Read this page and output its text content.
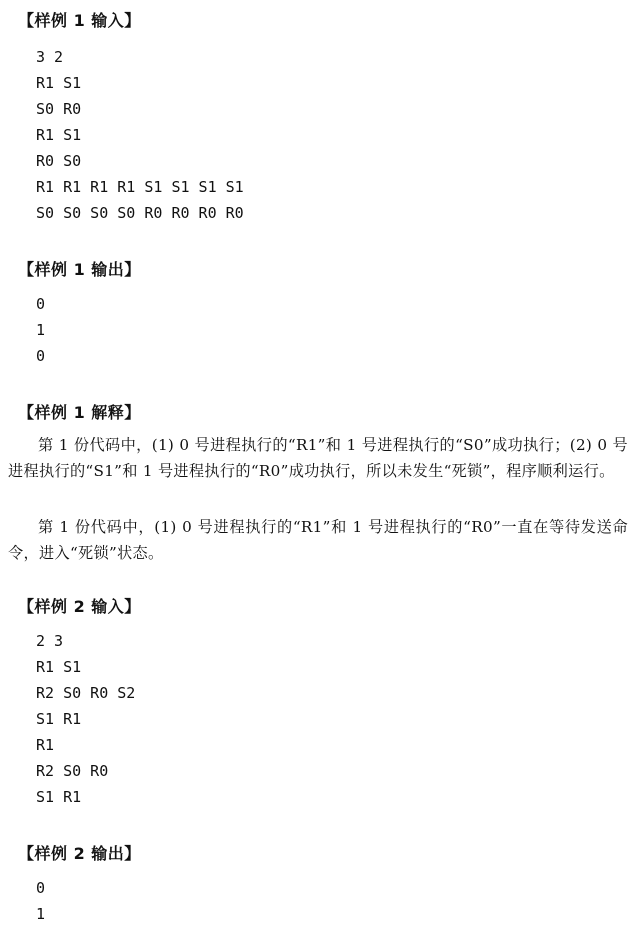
【样例 1 输入】
3 2
R1 S1
S0 R0
R1 S1
R0 S0
R1 R1 R1 R1 S1 S1 S1 S1
S0 S0 S0 S0 R0 R0 R0 R0
【样例 1 输出】
0
1
0
【样例 1 解释】

第 1 份代码中，(1) 0 号进程执行的“R1”和 1 号进程执行的“S0”成功执行；(2) 0 号进程执行的“S1”和 1 号进程执行的“R0”成功执行，所以未发生“死锁”，程序顺利运行。

第 1 份代码中，(1) 0 号进程执行的“R1”和 1 号进程执行的“R0”一直在等待发送命令，进入“死锁”状态。

【样例 2 输入】
2 3
R1 S1
R2 S0 R0 S2
S1 R1
R1
R2 S0 R0
S1 R1
【样例 2 输出】
0
1
